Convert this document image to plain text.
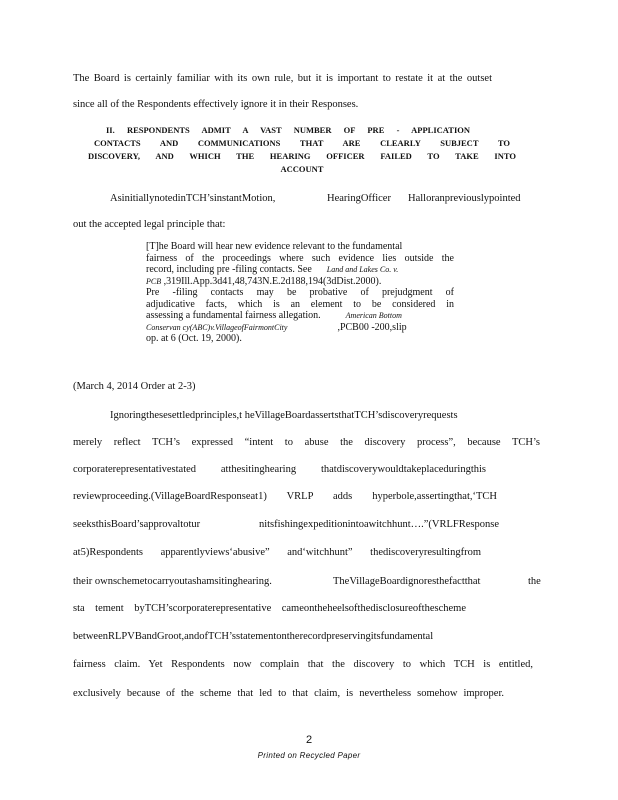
The Board is certainly familiar with its own rule, but it is important to restate it at the outset
since all of the Respondents effectively ignore it in their Responses.
II. RESPONDENTS ADMIT A VAST NUMBER OF PRE - APPLICATION
CONTACTS AND COMMUNICATIONS THAT ARE CLEARLY SUBJECT TO
DISCOVERY, AND WHICH THE HEARING OFFICER FAILED TO TAKE INTO
ACCOUNT
AsinitiallynotedinTCH’sinstantMotion,	HearingOfficer Halloranpreviouslypointed
out the accepted legal principle that:
[T]he Board will hear new evidence relevant to the fundamental
fairness of the proceedings where such evidence lies outside the
record, including pre -filing contacts. See Land and Lakes Co. v.
PCB ,319Ill.App.3d41,48,743N.E.2d188,194(3dDist.2000).
Pre -filing contacts may be probative of prejudgment of
adjudicative facts, which is an element to be considered in
assessing a fundamental fairness allegation.	American Bottom
Conservan cy(ABC)v.VillageofFairmontCity	,PCB00 -200,slip
op. at 6 (Oct. 19, 2000).
(March 4, 2014 Order at 2-3)
Ignoringthesesettledprinciples,t heVillageBoardassertsthatTCH’sdiscoveryrequests
merely reflect TCH’s expressed “intent to abuse the discovery process”, because TCH’s
corporaterepresentativestated atthesitinghearing thatdiscoverywouldtakeplaceduringthis
reviewproceeding.(VillageBoardResponseat1) VRLP adds hyperbole,assertingthat,‘TCH
seeksthisBoard’sapprovaltotur nitsfishingexpeditionintoawitchhunt….”(VRLFResponse
at5)Respondents apparentlyviews‘abusive” and‘witchhunt” thediscoveryresultingfrom
their ownschemetocarryoutashamsitinghearing.	TheVillageBoardignoresthefactthat	the
sta tement byTCH’scorporaterepresentative cameontheheelsofthedisclosureofthescheme
betweenRLPVBandGroot,andofTCH’sstatementontherecordpreservingitsfundamental
fairness claim. Yet Respondents now complain that the discovery to which TCH is entitled,
exclusively because of the scheme that led to that claim, is nevertheless somehow improper.
2
Printed on Recycled Paper
